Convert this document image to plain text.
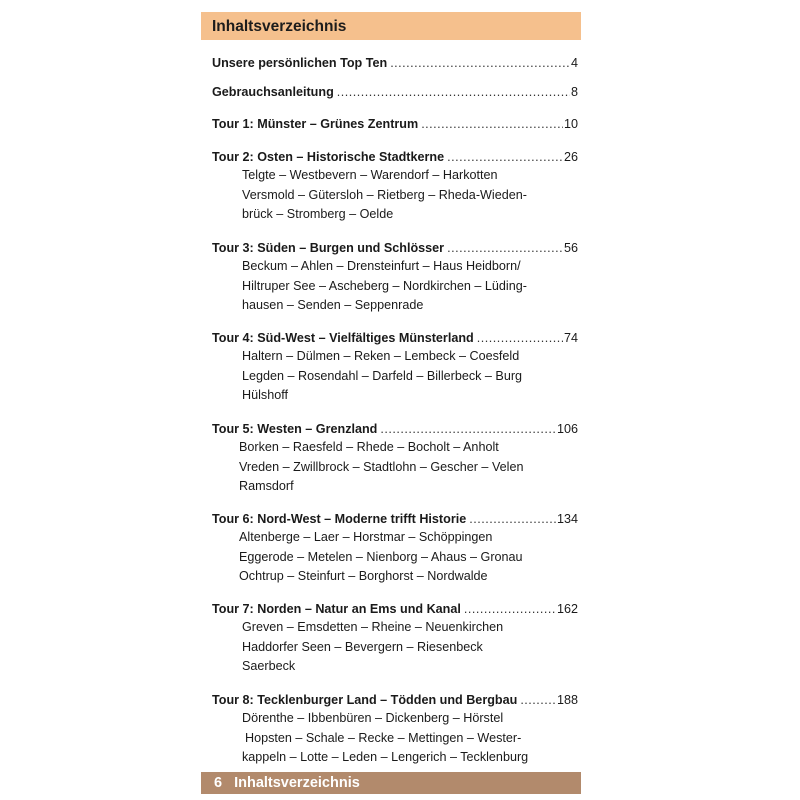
Inhaltsverzeichnis
Unsere persönlichen Top Ten .....	4
Gebrauchsanleitung .....	8
Tour 1: Münster – Grünes Zentrum .....	10
Tour 2: Osten – Historische Stadtkerne .....	26
Telgte – Westbevern – Warendorf – Harkotten
Versmold – Gütersloh – Rietberg – Rheda-Wieden-
brück – Stromberg – Oelde
Tour 3: Süden – Burgen und Schlösser .....	56
Beckum – Ahlen – Drensteinfurt – Haus Heidborn/
Hiltruper See – Ascheberg – Nordkirchen – Lüding-
hausen – Senden – Seppenrade
Tour 4: Süd-West – Vielfältiges Münsterland .....	74
Haltern – Dülmen – Reken – Lembeck – Coesfeld
Legden – Rosendahl – Darfeld – Billerbeck – Burg
Hülshoff
Tour 5: Westen – Grenzland .....	106
Borken – Raesfeld – Rhede – Bocholt – Anholt
Vreden – Zwillbrock – Stadtlohn – Gescher – Velen
Ramsdorf
Tour 6: Nord-West – Moderne trifft Historie .....	134
Altenberge – Laer – Horstmar – Schöppingen
Eggerode – Metelen – Nienborg – Ahaus – Gronau
Ochtrup – Steinfurt – Borghorst – Nordwalde
Tour 7: Norden – Natur an Ems und Kanal .....	162
Greven – Emsdetten – Rheine – Neuenkirchen
Haddorfer Seen – Bevergern – Riesenbeck
Saerbeck
Tour 8: Tecklenburger Land – Tödden und Bergbau .....	188
Dörenthe – Ibbenbüren – Dickenberg – Hörstel
Hopsten – Schale – Recke – Mettingen – Wester-
kappeln – Lotte – Leden – Lengerich – Tecklenburg
6 Inhaltsverzeichnis
